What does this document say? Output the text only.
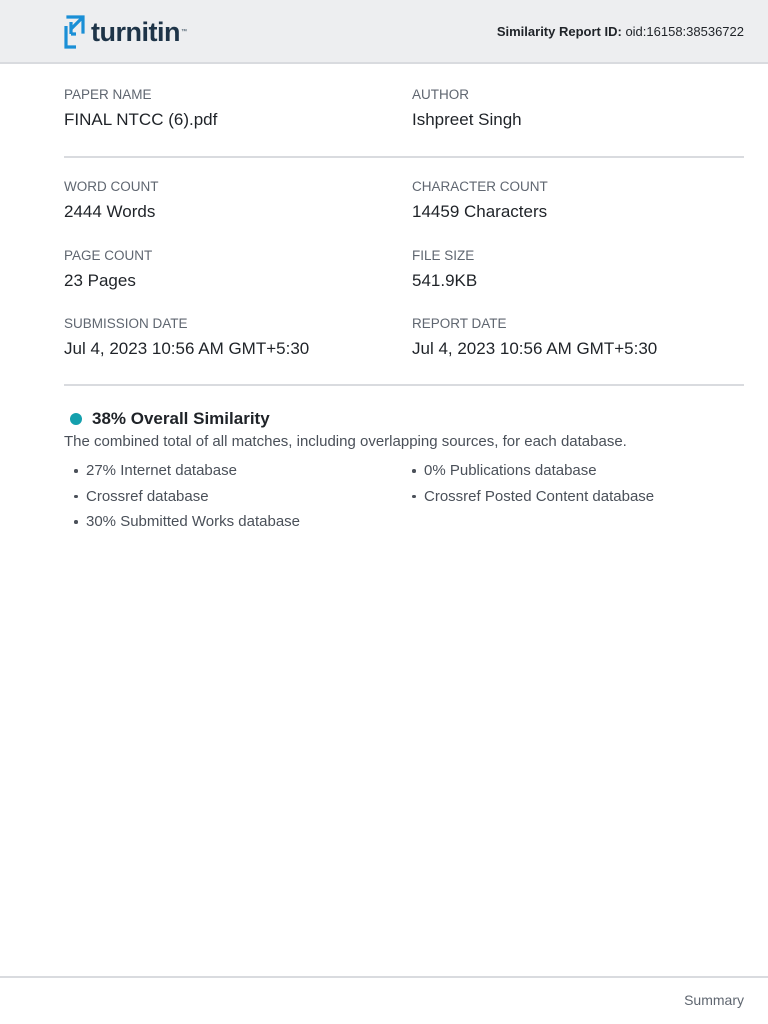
turnitin ™	Similarity Report ID: oid:16158:38536722
PAPER NAME
FINAL NTCC (6).pdf
AUTHOR
Ishpreet Singh
WORD COUNT
2444 Words
CHARACTER COUNT
14459 Characters
PAGE COUNT
23 Pages
FILE SIZE
541.9KB
SUBMISSION DATE
Jul 4, 2023 10:56 AM GMT+5:30
REPORT DATE
Jul 4, 2023 10:56 AM GMT+5:30
38% Overall Similarity
The combined total of all matches, including overlapping sources, for each database.
27% Internet database
Crossref database
30% Submitted Works database
0% Publications database
Crossref Posted Content database
Summary
